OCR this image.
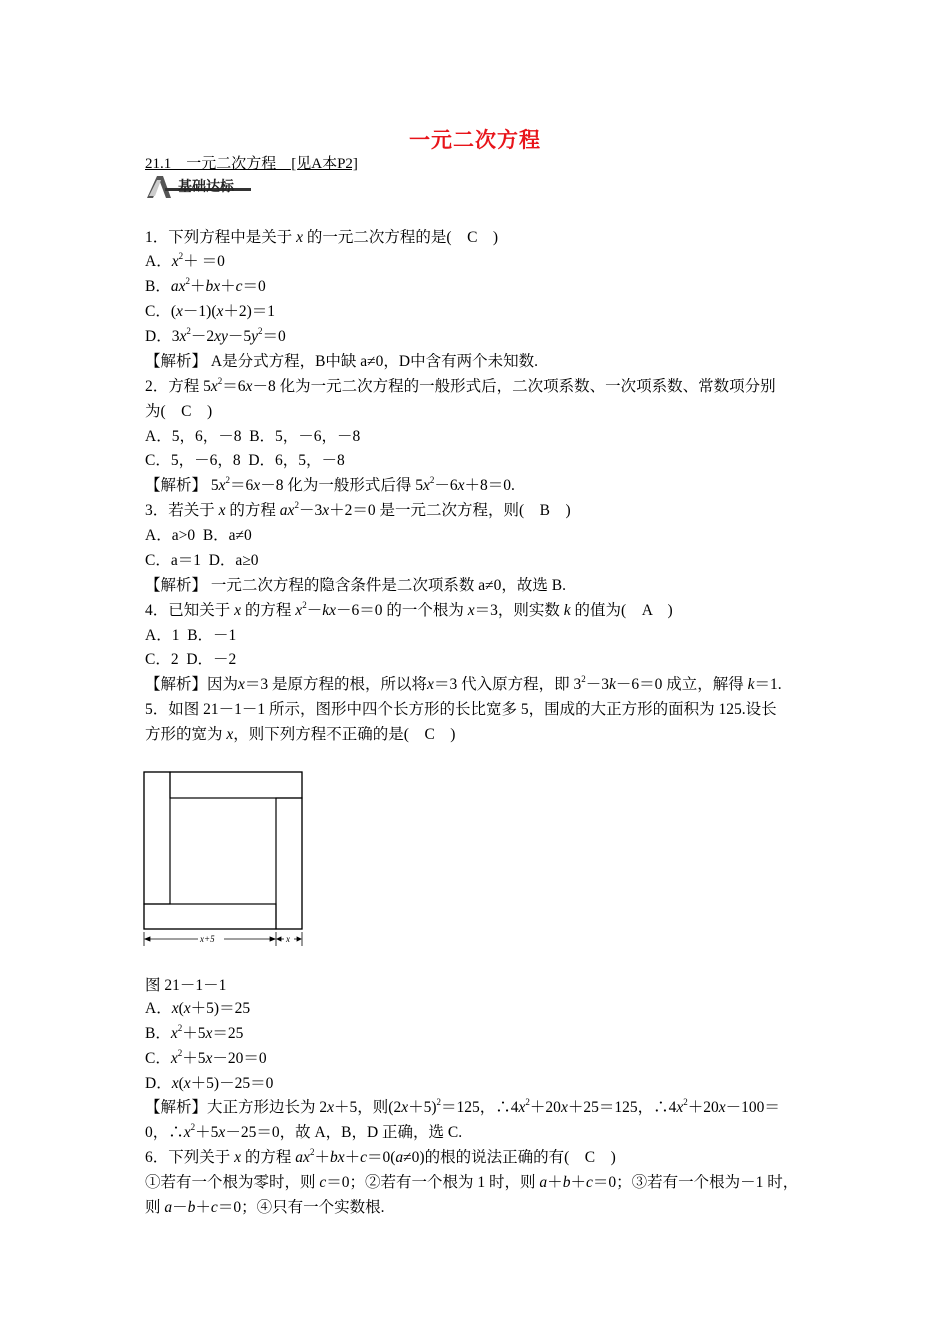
一元二次方程
21.1　一元二次方程　[见A本P2]
基础达标
1．下列方程中是关于 x 的一元二次方程的是(　C　)
A．$x^2+ =0$
B．$ax^2+bx+c=0$
C．(x－1)(x＋2)＝1
D．$3x^2-2xy-5y^2=0$
【解析】 A是分式方程，B中缺 a≠0，D中含有两个未知数.
2．方程 $5x^2=6x-8$ 化为一元二次方程的一般形式后，二次项系数、一次项系数、常数项分别
为(　C　)
A．5，6，－8  B．5，－6，－8
C．5，－6，8  D．6，5，－8
【解析】 $5x^2=6x-8$ 化为一般形式后得 $5x^2-6x+8=0$.
3．若关于 x 的方程 $ax^2-3x+2=0$ 是一元二次方程，则(　B　)
A．a>0  B．a≠0
C．a＝1  D．a≥0
【解析】 一元二次方程的隐含条件是二次项系数 a≠0，故选 B.
4．已知关于 x 的方程 $x^2-kx-6=0$ 的一个根为 x＝3，则实数 k 的值为(　A　)
A．1  B．－1
C．2  D．－2
【解析】因为x＝3 是原方程的根，所以将x＝3 代入原方程，即 $3^2-3k-6=0$ 成立，解得 k＝1.
5．如图 21－1－1 所示，图形中四个长方形的长比宽多 5，围成的大正方形的面积为 125.设长
方形的宽为 x，则下列方程不正确的是(　C　)
x+5	x
图 21－1－1
A．x(x＋5)＝25
B．$x^2+5x=25$
C．$x^2+5x-20=0$
D．x(x＋5)－25＝0
【解析】大正方形边长为 2x＋5，则$(2x+5)^2=125$，$\therefore 4x^2+20x+25=125$，$\therefore 4x^2+20x-100=$
0，$\therefore x^2+5x-25=0$，故 A，B，D 正确，选 C.
6．下列关于 x 的方程 $ax^2+bx+c=0(a\ne 0)$的根的说法正确的有(　C　)
①若有一个根为零时，则 c＝0；②若有一个根为 1 时，则 a＋b＋c＝0；③若有一个根为－1 时，
则 a－b＋c＝0；④只有一个实数根.
